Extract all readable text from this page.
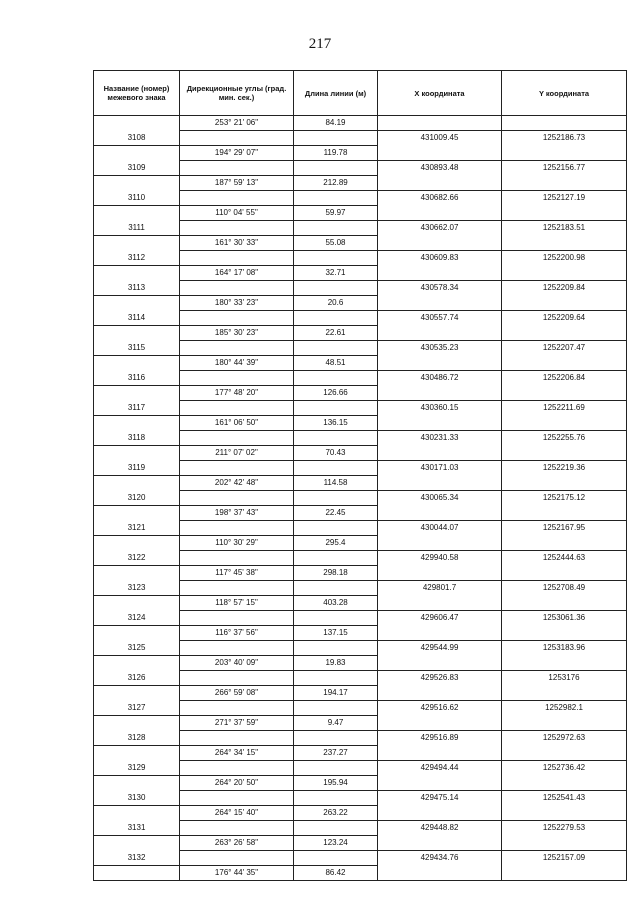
217
Название (номер) межевого знака	Дирекционные углы (град. мин. сек.)	Длина линии (м)	X координата	Y координата
	253° 21' 06"	84.19		
3108			431009.45	1252186.73
	194° 29' 07"	119.78		
3109			430893.48	1252156.77
	187° 59' 13"	212.89		
3110			430682.66	1252127.19
	110° 04' 55"	59.97		
3111			430662.07	1252183.51
	161° 30' 33"	55.08		
3112			430609.83	1252200.98
	164° 17' 08"	32.71		
3113			430578.34	1252209.84
	180° 33' 23"	20.6		
3114			430557.74	1252209.64
	185° 30' 23"	22.61		
3115			430535.23	1252207.47
	180° 44' 39"	48.51		
3116			430486.72	1252206.84
	177° 48' 20"	126.66		
3117			430360.15	1252211.69
	161° 06' 50"	136.15		
3118			430231.33	1252255.76
	211° 07' 02"	70.43		
3119			430171.03	1252219.36
	202° 42' 48"	114.58		
3120			430065.34	1252175.12
	198° 37' 43"	22.45		
3121			430044.07	1252167.95
	110° 30' 29"	295.4		
3122			429940.58	1252444.63
	117° 45' 38"	298.18		
3123			429801.7	1252708.49
	118° 57' 15"	403.28		
3124			429606.47	1253061.36
	116° 37' 56"	137.15		
3125			429544.99	1253183.96
	203° 40' 09"	19.83		
3126			429526.83	1253176
	266° 59' 08"	194.17		
3127			429516.62	1252982.1
	271° 37' 59"	9.47		
3128			429516.89	1252972.63
	264° 34' 15"	237.27		
3129			429494.44	1252736.42
	264° 20' 50"	195.94		
3130			429475.14	1252541.43
	264° 15' 40"	263.22		
3131			429448.82	1252279.53
	263° 26' 58"	123.24		
3132			429434.76	1252157.09
	176° 44' 35"	86.42		
